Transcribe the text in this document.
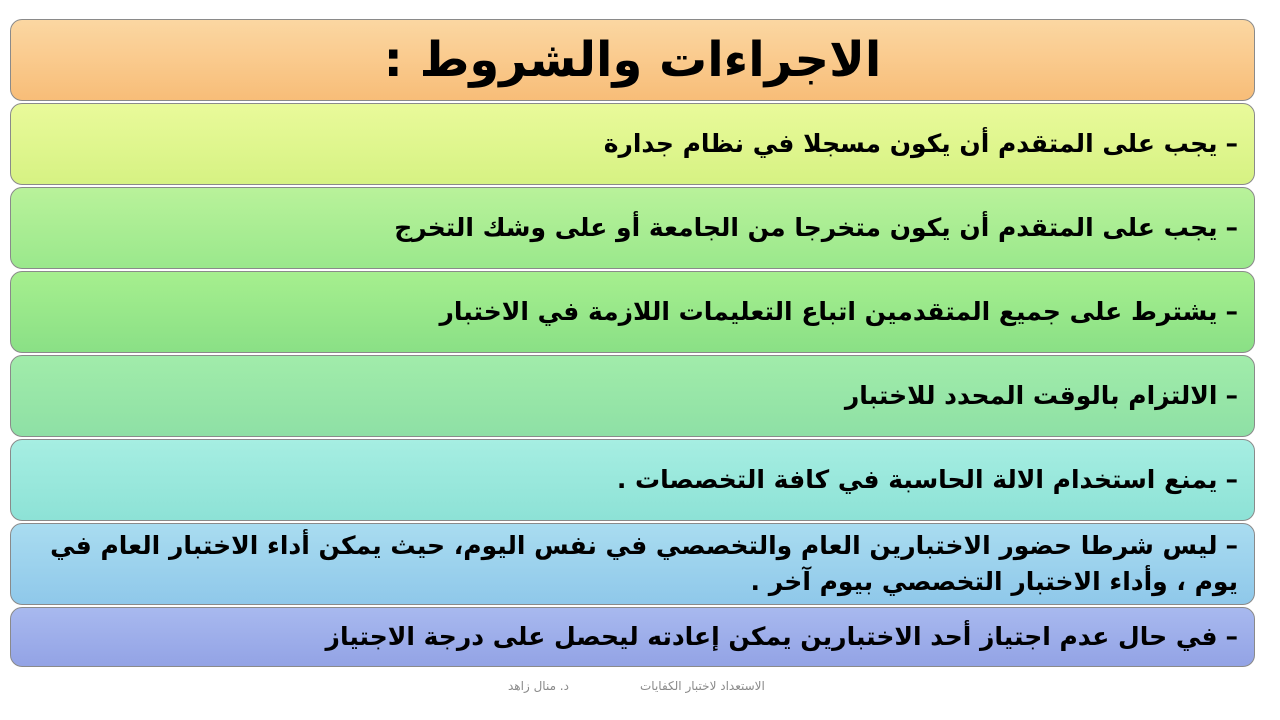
الاجراءات والشروط :
–يجب على المتقدم أن يكون مسجلا في نظام جدارة
–يجب على المتقدم أن يكون متخرجا من الجامعة أو على وشك التخرج
–يشترط على جميع المتقدمين اتباع التعليمات اللازمة في الاختبار
–الالتزام بالوقت المحدد للاختبار
–يمنع استخدام الالة الحاسبة في كافة التخصصات .
–ليس شرطا حضور الاختبارين العام والتخصصي في نفس اليوم، حيث يمكن أداء الاختبار العام في يوم ، وأداء الاختبار التخصصي بيوم آخر .
–في حال عدم اجتياز أحد الاختبارين يمكن إعادته ليحصل على درجة الاجتياز
د. منال زاهد	الاستعداد لاختبار الكفايات
